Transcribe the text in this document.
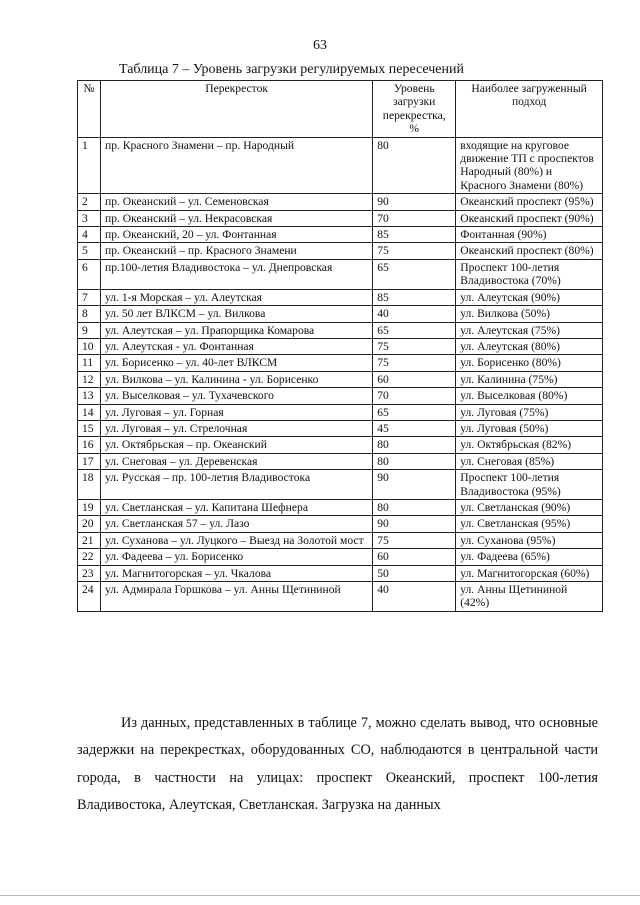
63
Таблица 7 – Уровень загрузки регулируемых пересечений
№	Перекресток	Уровень загрузки перекрестка, %	Наиболее загруженный подход
1	пр. Красного Знамени – пр. Народный	80	входящие на круговое движение ТП с проспектов Народный (80%) и Красного Знамени (80%)
2	пр. Океанский – ул. Семеновская	90	Океанский проспект (95%)
3	пр. Океанский – ул. Некрасовская	70	Океанский проспект (90%)
4	пр. Океанский, 20 – ул. Фонтанная	85	Фонтанная (90%)
5	пр. Океанский – пр. Красного Знамени	75	Океанский проспект (80%)
6	пр.100-летия Владивостока – ул. Днепровская	65	Проспект 100-летия Владивостока (70%)
7	ул. 1-я Морская – ул. Алеутская	85	ул. Алеутская (90%)
8	ул. 50 лет ВЛКСМ – ул. Вилкова	40	ул. Вилкова (50%)
9	ул. Алеутская – ул. Прапорщика Комарова	65	ул. Алеутская (75%)
10	ул. Алеутская - ул. Фонтанная	75	ул. Алеутская (80%)
11	ул. Борисенко – ул. 40-лет ВЛКСМ	75	ул. Борисенко (80%)
12	ул. Вилкова – ул. Калинина - ул. Борисенко	60	ул. Калинина (75%)
13	ул. Выселковая – ул. Тухачевского	70	ул. Выселковая (80%)
14	ул. Луговая – ул. Горная	65	ул. Луговая (75%)
15	ул. Луговая – ул. Стрелочная	45	ул. Луговая (50%)
16	ул. Октябрьская – пр. Океанский	80	ул. Октябрьская (82%)
17	ул. Снеговая – ул. Деревенская	80	ул. Снеговая (85%)
18	ул. Русская – пр. 100-летия Владивостока	90	Проспект 100-летия Владивостока (95%)
19	ул. Светланская – ул. Капитана Шефнера	80	ул. Светланская (90%)
20	ул. Светланская 57 – ул. Лазо	90	ул. Светланская (95%)
21	ул. Суханова – ул. Луцкого – Выезд на Золотой мост	75	ул. Суханова (95%)
22	ул. Фадеева – ул. Борисенко	60	ул. Фадеева (65%)
23	ул. Магнитогорская – ул. Чкалова	50	ул. Магнитогорская (60%)
24	ул. Адмирала Горшкова – ул. Анны Щетининой	40	ул. Анны Щетининой (42%)

Из данных, представленных в таблице 7, можно сделать вывод, что основные задержки на перекрестках, оборудованных СО, наблюдаются в центральной части города, в частности на улицах: проспект Океанский, проспект 100-летия Владивостока, Алеутская, Светланская. Загрузка на данных
